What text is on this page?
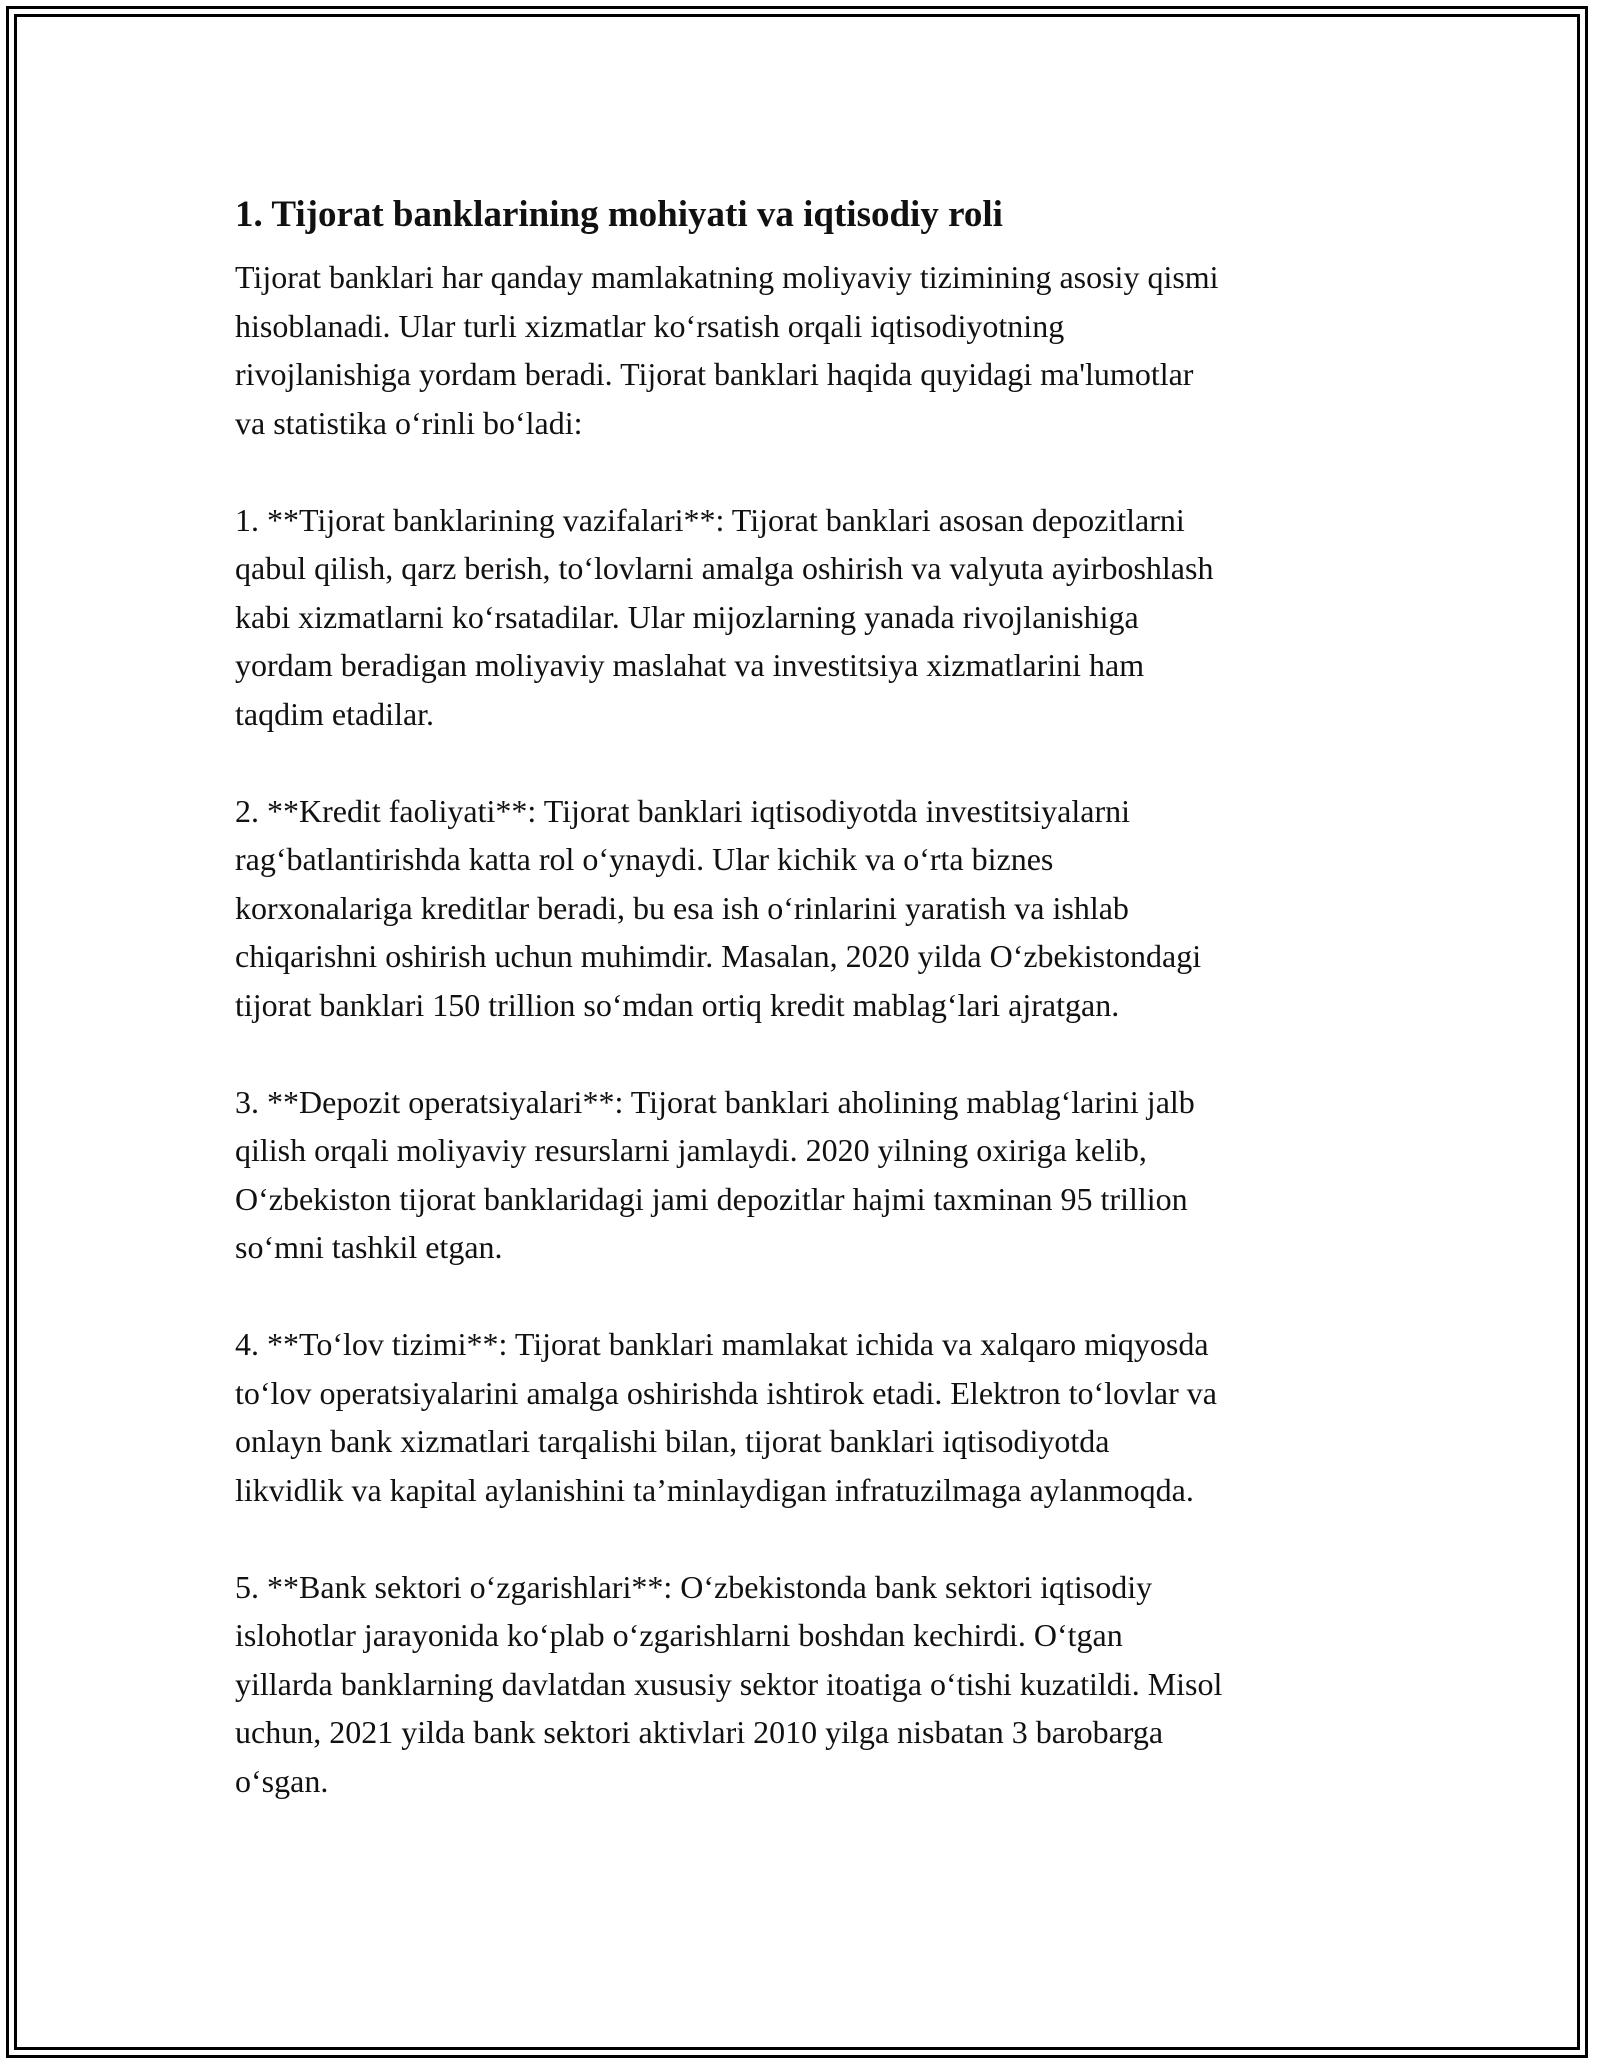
1. Tijorat banklarining mohiyati va iqtisodiy roli

Tijorat banklari har qanday mamlakatning moliyaviy tizimining asosiy qismi
hisoblanadi. Ular turli xizmatlar ko‘rsatish orqali iqtisodiyotning
rivojlanishiga yordam beradi. Tijorat banklari haqida quyidagi ma'lumotlar
va statistika o‘rinli bo‘ladi:

1. **Tijorat banklarining vazifalari**: Tijorat banklari asosan depozitlarni
qabul qilish, qarz berish, to‘lovlarni amalga oshirish va valyuta ayirboshlash
kabi xizmatlarni ko‘rsatadilar. Ular mijozlarning yanada rivojlanishiga
yordam beradigan moliyaviy maslahat va investitsiya xizmatlarini ham
taqdim etadilar.

2. **Kredit faoliyati**: Tijorat banklari iqtisodiyotda investitsiyalarni
rag‘batlantirishda katta rol o‘ynaydi. Ular kichik va o‘rta biznes
korxonalariga kreditlar beradi, bu esa ish o‘rinlarini yaratish va ishlab
chiqarishni oshirish uchun muhimdir. Masalan, 2020 yilda O‘zbekistondagi
tijorat banklari 150 trillion so‘mdan ortiq kredit mablag‘lari ajratgan.

3. **Depozit operatsiyalari**: Tijorat banklari aholining mablag‘larini jalb
qilish orqali moliyaviy resurslarni jamlaydi. 2020 yilning oxiriga kelib,
O‘zbekiston tijorat banklaridagi jami depozitlar hajmi taxminan 95 trillion
so‘mni tashkil etgan.

4. **To‘lov tizimi**: Tijorat banklari mamlakat ichida va xalqaro miqyosda
to‘lov operatsiyalarini amalga oshirishda ishtirok etadi. Elektron to‘lovlar va
onlayn bank xizmatlari tarqalishi bilan, tijorat banklari iqtisodiyotda
likvidlik va kapital aylanishini ta’minlaydigan infratuzilmaga aylanmoqda.

5. **Bank sektori o‘zgarishlari**: O‘zbekistonda bank sektori iqtisodiy
islohotlar jarayonida ko‘plab o‘zgarishlarni boshdan kechirdi. O‘tgan
yillarda banklarning davlatdan xususiy sektor itoatiga o‘tishi kuzatildi. Misol
uchun, 2021 yilda bank sektori aktivlari 2010 yilga nisbatan 3 barobarga
o‘sgan.
